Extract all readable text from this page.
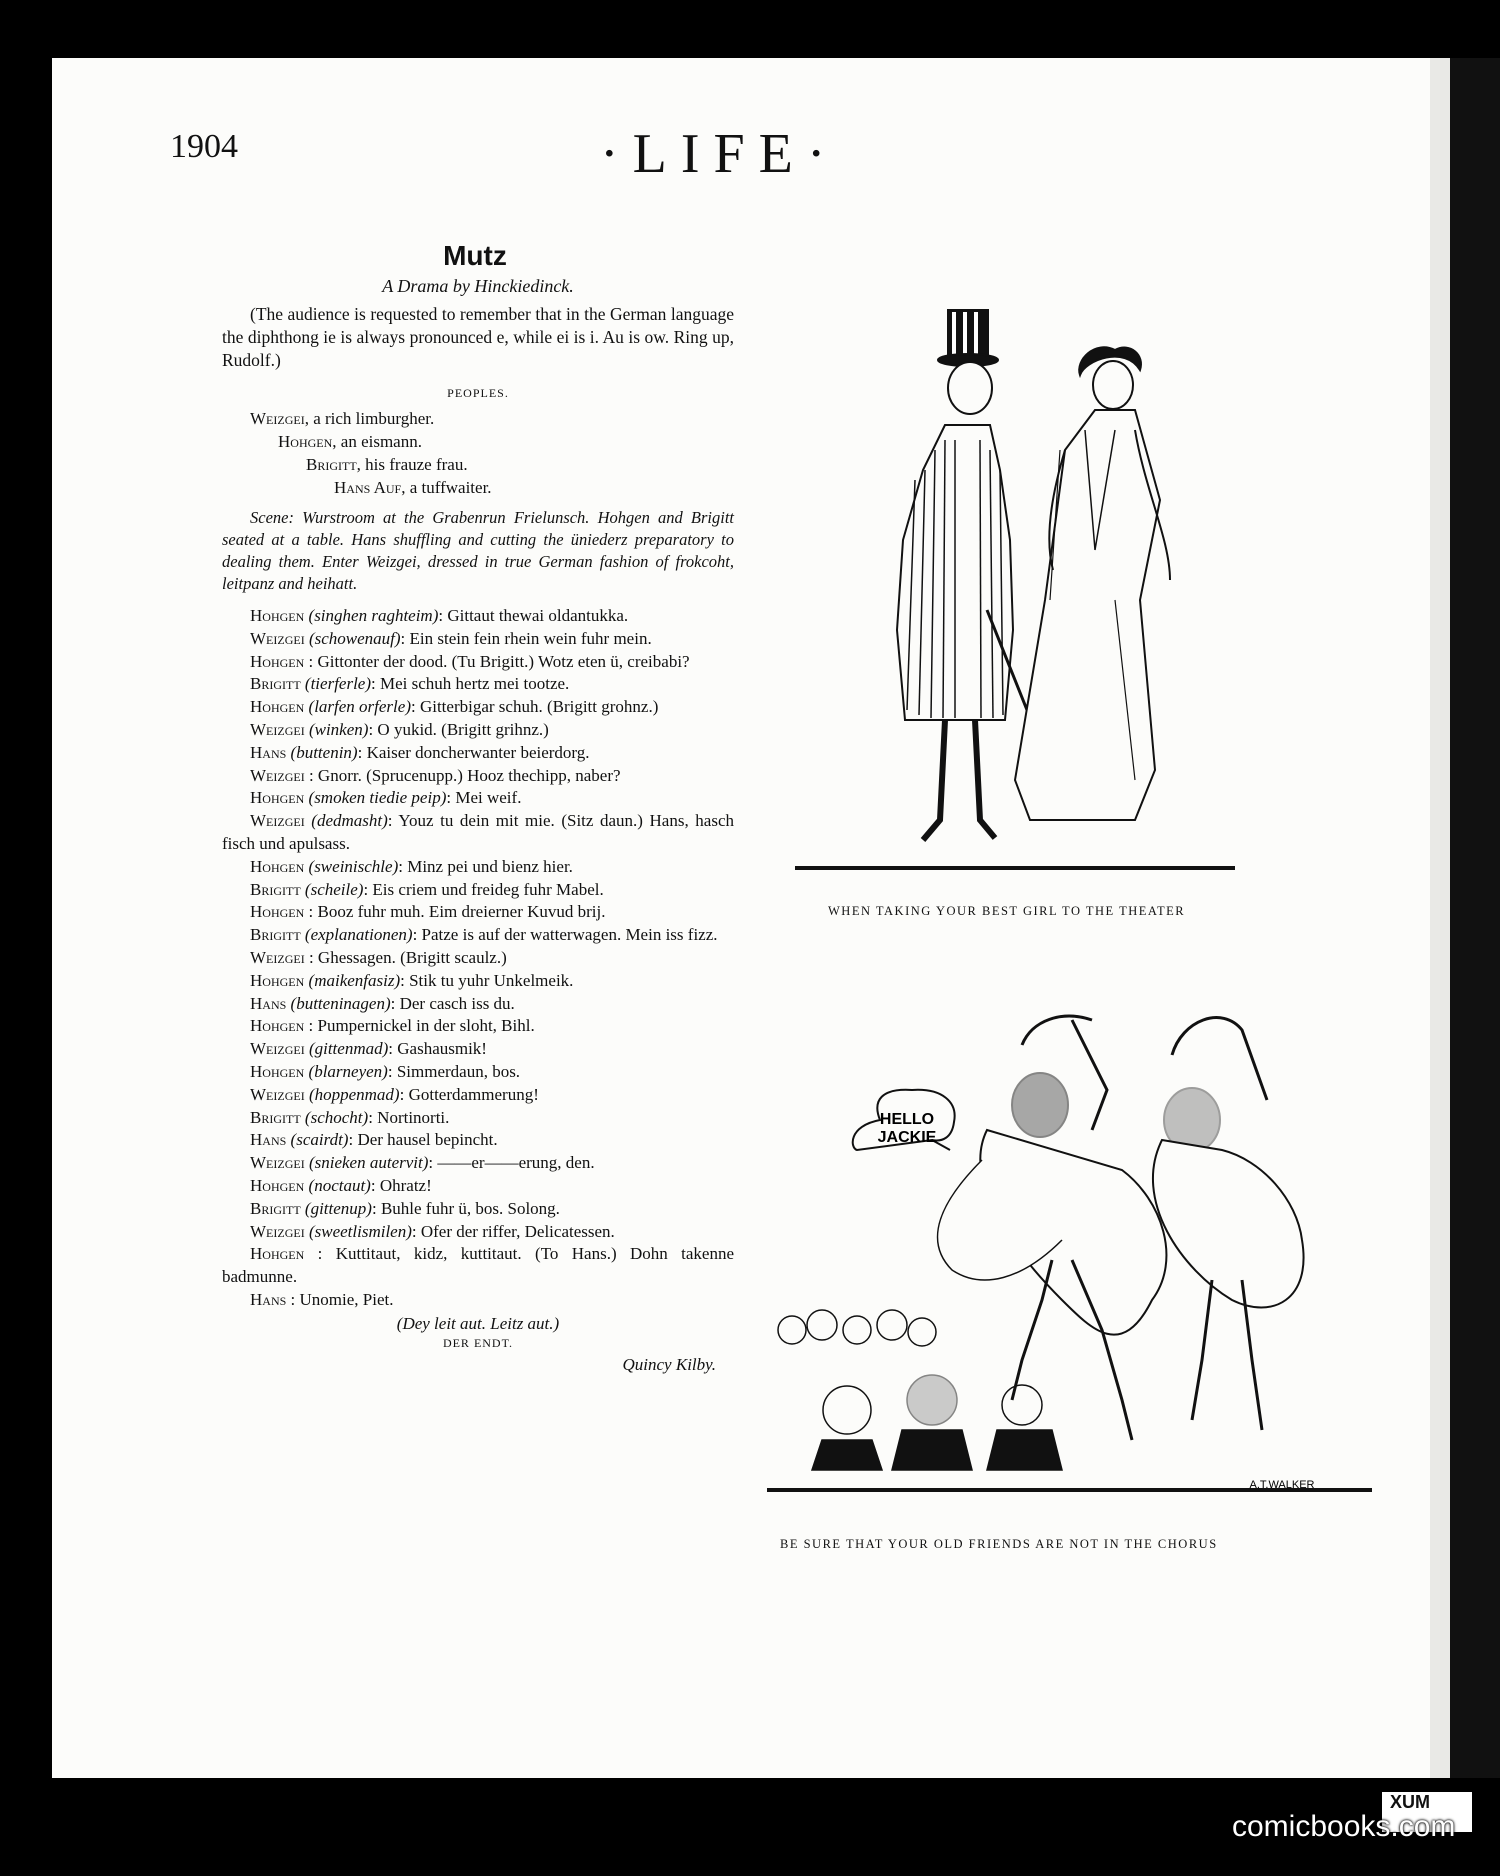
1904	·LIFE·
Mutz
A Drama by Hinckiedinck.
(The audience is requested to remember that in the German language the diphthong ie is always pronounced e, while ei is i. Au is ow. Ring up, Rudolf.)
PEOPLES.
Weizgei, a rich limburgher.
Hohgen, an eismann.
Brigitt, his frauze frau.
Hans Auf, a tuffwaiter.
Scene: Wurstroom at the Grabenrun Frielunsch. Hohgen and Brigitt seated at a table. Hans shuffling and cutting the üniederz preparatory to dealing them. Enter Weizgei, dressed in true German fashion of frokcoht, leitpanz and heihatt.
Hohgen (singhen raghteim): Gittaut thewai oldantukka.
Weizgei (schowenauf): Ein stein fein rhein wein fuhr mein.
Hohgen : Gittonter der dood. (Tu Brigitt.) Wotz eten ü, creibabi?
Brigitt (tierferle): Mei schuh hertz mei tootze.
Hohgen (larfen orferle): Gitterbigar schuh. (Brigitt grohnz.)
Weizgei (winken): O yukid. (Brigitt grihnz.)
Hans (buttenin): Kaiser doncherwanter beierdorg.
Weizgei : Gnorr. (Sprucenupp.) Hooz thechipp, naber?
Hohgen (smoken tiedie peip): Mei weif.
Weizgei (dedmasht): Youz tu dein mit mie. (Sitz daun.) Hans, hasch fisch und apulsass.
Hohgen (sweinischle): Minz pei und bienz hier.
Brigitt (scheile): Eis criem und freideg fuhr Mabel.
Hohgen : Booz fuhr muh. Eim dreierner Kuvud brij.
Brigitt (explanationen): Patze is auf der watterwagen. Mein iss fizz.
Weizgei : Ghessagen. (Brigitt scaulz.)
Hohgen (maikenfasiz): Stik tu yuhr Unkelmeik.
Hans (butteninagen): Der casch iss du.
Hohgen : Pumpernickel in der sloht, Bihl.
Weizgei (gittenmad): Gashausmik!
Hohgen (blarneyen): Simmerdaun, bos.
Weizgei (hoppenmad): Gotterdammerung!
Brigitt (schocht): Nortinorti.
Hans (scairdt): Der hausel bepincht.
Weizgei (snieken autervit): ——er——erung, den.
Hohgen (noctaut): Ohratz!
Brigitt (gittenup): Buhle fuhr ü, bos. Solong.
Weizgei (sweetlismilen): Ofer der riffer, Delicatessen.
Hohgen : Kuttitaut, kidz, kuttitaut. (To Hans.) Dohn takenne badmunne.
Hans : Unomie, Piet.
(Dey leit aut. Leitz aut.)
DER ENDT.
Quincy Kilby.
WHEN TAKING YOUR BEST GIRL TO THE THEATER
HELLO
JACKIE
A.T.WALKER
BE SURE THAT YOUR OLD FRIENDS ARE NOT IN THE CHORUS
XUM
comicbooks.com
